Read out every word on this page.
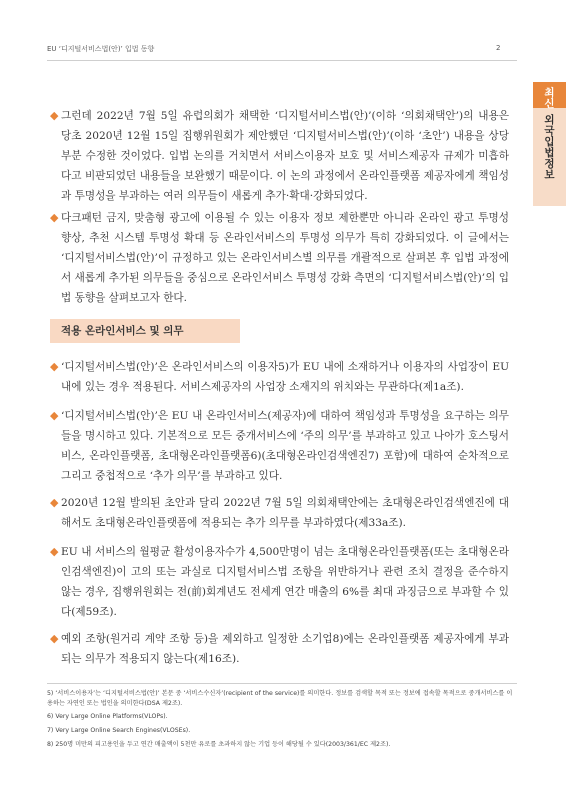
EU ‘디지털서비스법(안)’ 입법 동향	2
최신
외국입법정보
◆ 그런데 2022년 7월 5일 유럽의회가 채택한 ‘디지털서비스법(안)’(이하 ‘의회채택안’)의 내용은 당초 2020년 12월 15일 집행위원회가 제안했던 ‘디지털서비스법(안)’(이하 ‘초안’) 내용을 상당 부분 수정한 것이었다. 입법 논의를 거치면서 서비스이용자 보호 및 서비스제공자 규제가 미흡하다고 비판되었던 내용들을 보완했기 때문이다. 이 논의 과정에서 온라인플랫폼 제공자에게 책임성과 투명성을 부과하는 여러 의무들이 새롭게 추가·확대·강화되었다.
◆ 다크패턴 금지, 맞춤형 광고에 이용될 수 있는 이용자 정보 제한뿐만 아니라 온라인 광고 투명성 향상, 추천 시스템 투명성 확대 등 온라인서비스의 투명성 의무가 특히 강화되었다. 이 글에서는 ‘디지털서비스법(안)’이 규정하고 있는 온라인서비스별 의무를 개괄적으로 살펴본 후 입법 과정에서 새롭게 추가된 의무들을 중심으로 온라인서비스 투명성 강화 측면의 ‘디지털서비스법(안)’의 입법 동향을 살펴보고자 한다.
적용 온라인서비스 및 의무
◆ ‘디지털서비스법(안)’은 온라인서비스의 이용자5)가 EU 내에 소재하거나 이용자의 사업장이 EU 내에 있는 경우 적용된다. 서비스제공자의 사업장 소재지의 위치와는 무관하다(제1a조).
◆ ‘디지털서비스법(안)’은 EU 내 온라인서비스(제공자)에 대하여 책임성과 투명성을 요구하는 의무들을 명시하고 있다. 기본적으로 모든 중개서비스에 ‘주의 의무’를 부과하고 있고 나아가 호스팅서비스, 온라인플랫폼, 초대형온라인플랫폼6)(초대형온라인검색엔진7) 포함)에 대하여 순차적으로 그리고 중첩적으로 ‘추가 의무’를 부과하고 있다.
◆ 2020년 12월 발의된 초안과 달리 2022년 7월 5일 의회채택안에는 초대형온라인검색엔진에 대해서도 초대형온라인플랫폼에 적용되는 추가 의무를 부과하였다(제33a조).
◆ EU 내 서비스의 월평균 활성이용자수가 4,500만명이 넘는 초대형온라인플랫폼(또는 초대형온라인검색엔진)이 고의 또는 과실로 디지털서비스법 조항을 위반하거나 관련 조치 결정을 준수하지 않는 경우, 집행위원회는 전(前)회계년도 전세계 연간 매출의 6%를 최대 과징금으로 부과할 수 있다(제59조).
◆ 예외 조항(원거리 계약 조항 등)을 제외하고 일정한 소기업8)에는 온라인플랫폼 제공자에게 부과되는 의무가 적용되지 않는다(제16조).
5) ‘서비스이용자’는 ‘디지털서비스법(안)’ 본문 중 ‘서비스수신자’(recipient of the service)를 의미한다. 정보를 검색할 목적 또는 정보에 접속할 목적으로 중개서비스를 이용하는 자연인 또는 법인을 의미한다(DSA 제2조).
6) Very Large Online Platforms(VLOPs).
7) Very Large Online Search Engines(VLOSEs).
8) 250명 미만의 피고용인을 두고 연간 매출액이 5천만 유로를 초과하지 않는 기업 등이 해당될 수 있다(2003/361/EC 제2조).
